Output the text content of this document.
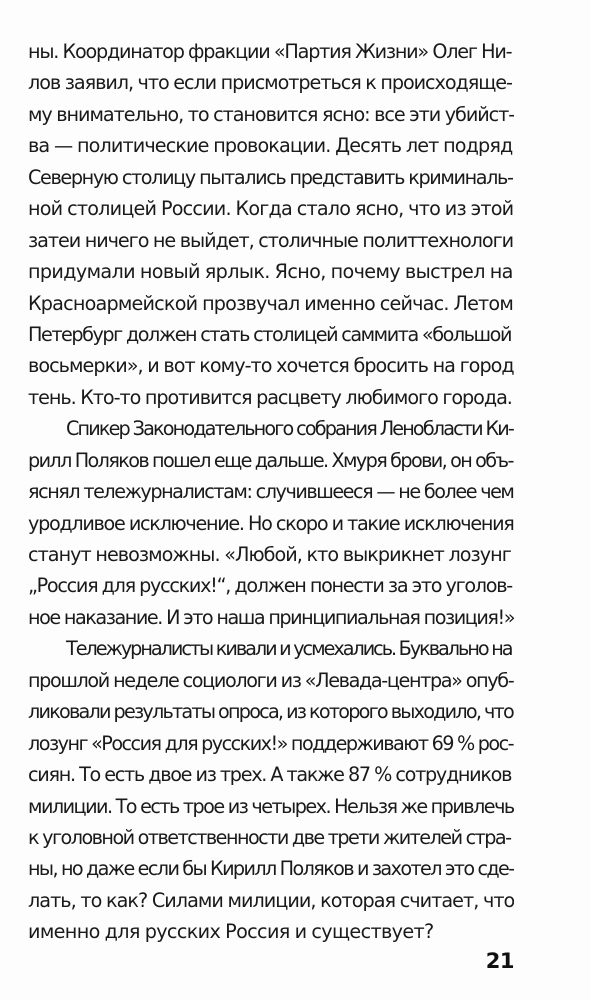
ны. Координатор фракции «Партия Жизни» Олег Ни-
лов заявил, что если присмотреться к происходяще-
му внимательно, то становится ясно: все эти убийст-
ва — политические провокации. Десять лет подряд
Северную столицу пытались представить криминаль-
ной столицей России. Когда стало ясно, что из этой
затеи ничего не выйдет, столичные политтехнологи
придумали новый ярлык. Ясно, почему выстрел на
Красноармейской прозвучал именно сейчас. Летом
Петербург должен стать столицей саммита «большой
восьмерки», и вот кому-то хочется бросить на город
тень. Кто-то противится расцвету любимого города.
Спикер Законодательного собрания Ленобласти Ки-
рилл Поляков пошел еще дальше. Хмуря брови, он объ-
яснял тележурналистам: случившееся — не более чем
уродливое исключение. Но скоро и такие исключения
станут невозможны. «Любой, кто выкрикнет лозунг
„Россия для русских!“, должен понести за это уголов-
ное наказание. И это наша принципиальная позиция!»
Тележурналисты кивали и усмехались. Буквально на
прошлой неделе социологи из «Левада-центра» опуб-
ликовали результаты опроса, из которого выходило, что
лозунг «Россия для русских!» поддерживают 69 % рос-
сиян. То есть двое из трех. А также 87 % сотрудников
милиции. То есть трое из четырех. Нельзя же привлечь
к уголовной ответственности две трети жителей стра-
ны, но даже если бы Кирилл Поляков и захотел это сде-
лать, то как? Силами милиции, которая считает, что
именно для русских Россия и существует?
21
